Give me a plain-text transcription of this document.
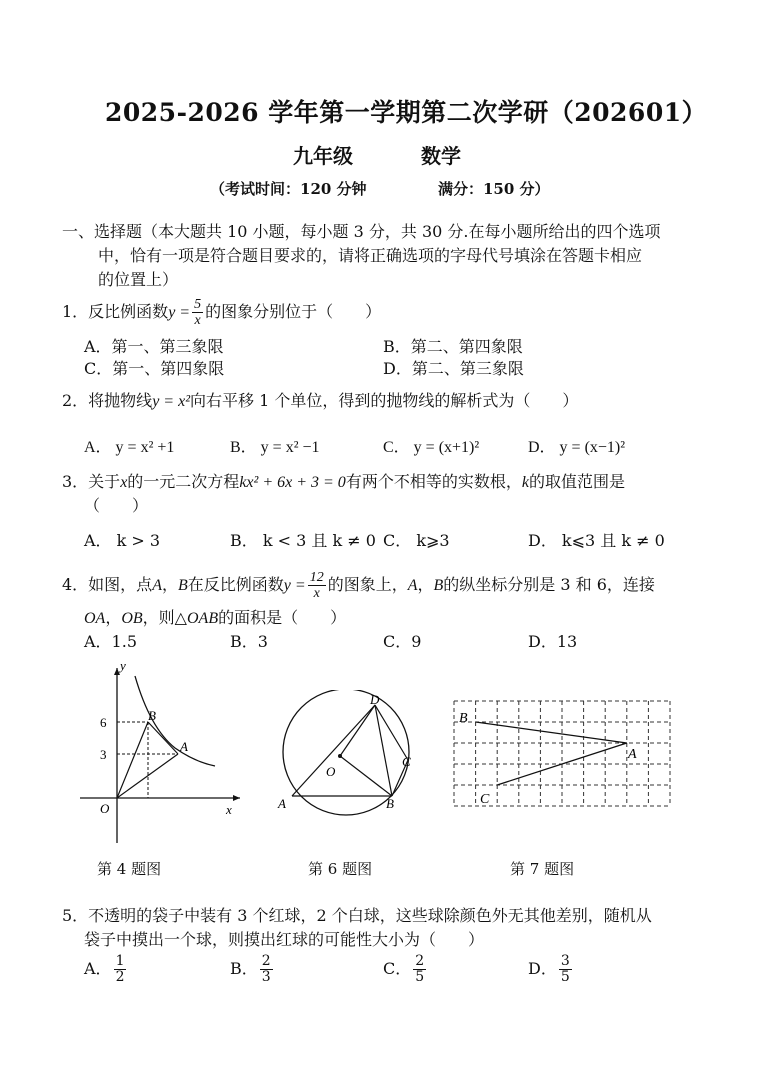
2025-2026 学年第一学期第二次学研（202601）
九年级	数学
（考试时间：120 分钟	满分：150 分）
一、选择题（本大题共 10 小题，每小题 3 分，共 30 分.在每小题所给出的四个选项
中，恰有一项是符合题目要求的，请将正确选项的字母代号填涂在答题卡相应
的位置上）
1．反比例函数$y = \frac{5}{x}$ 的图象分别位于（　　）
A．第一、第三象限	B．第二、第四象限
C．第一、第四象限	D．第二、第三象限
2．将抛物线y = x²向右平移 1 个单位，得到的抛物线的解析式为（　　）
A． y = x² +1	B． y = x² −1	C． y = (x+1)²	D． y = (x−1)²
3．关于x的一元二次方程kx² + 6x + 3 = 0有两个不相等的实数根，k的取值范围是
（　　）
A． k > 3	B． k < 3 且 k ≠ 0 C． k⩾3	D． k⩽3 且 k ≠ 0
4．如图，点A，B在反比例函数$y = \frac{12}{x}$ 的图象上，A，B的纵坐标分别是 3 和 6，连接
OA，OB，则△OAB的面积是（　　）
A．1.5	B．3	C．9	D．13
y
x
O
6
3
B
A
第 4 题图
D
C
O
A	B
第 6 题图
B
A
C
第 7 题图
5．不透明的袋子中装有 3 个红球，2 个白球，这些球除颜色外无其他差别，随机从
袋子中摸出一个球，则摸出红球的可能性大小为（　　）
A． $\frac{1}{2}$	B． $\frac{2}{3}$	C． $\frac{2}{5}$	D． $\frac{3}{5}$
